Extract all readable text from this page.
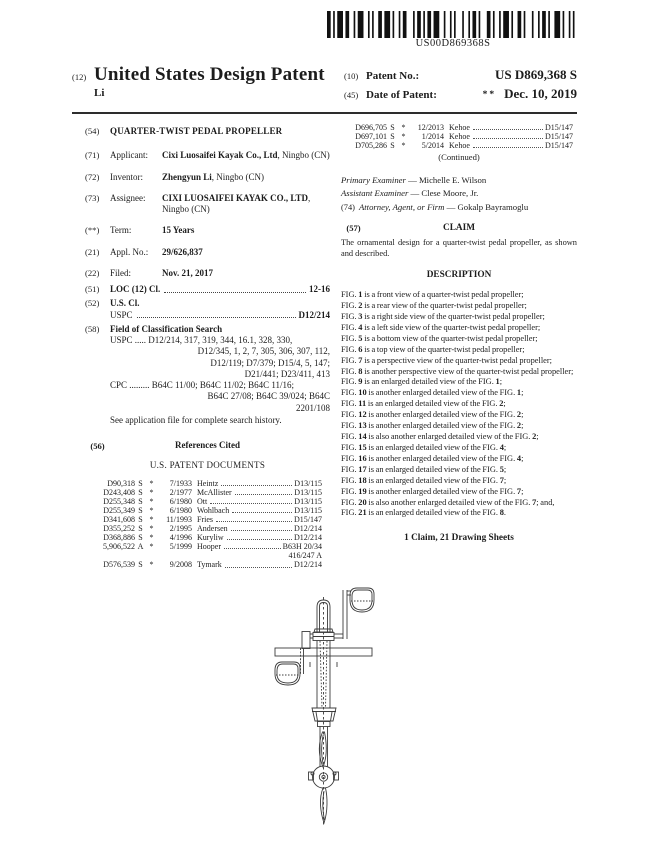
US00D869368S
(12) United States Design Patent
Li
(10) Patent No.:	US D869,368 S
(45) Date of Patent:	** Dec. 10, 2019
(54)	QUARTER-TWIST PEDAL PROPELLER
(71)	Applicant:	Cixi Luosaifei Kayak Co., Ltd, Ningbo (CN)
(72)	Inventor:	Zhengyun Li, Ningbo (CN)
(73)	Assignee:	CIXI LUOSAIFEI KAYAK CO., LTD, Ningbo (CN)
(**)	Term:	15 Years
(21)	Appl. No.:	29/626,837
(22)	Filed:	Nov. 21, 2017
(51)	LOC (12) Cl.	12-16
(52)	U.S. Cl.
USPC	D12/214
(58)	Field of Classification Search
USPC ..... D12/214, 317, 319, 344, 16.1, 328, 330,
D12/345, 1, 2, 7, 305, 306, 307, 112,
D12/119; D7/379; D15/4, 5, 147;
D21/441; D23/411, 413
CPC ......... B64C 11/00; B64C 11/02; B64C 11/16;
B64C 27/08; B64C 39/024; B64C
2201/108
See application file for complete search history.
(56)	References Cited
U.S. PATENT DOCUMENTS
D90,318 S *	7/1933 Heintz	D13/115
D243,408 S *	2/1977 McAllister	D13/115
D255,348 S *	6/1980 Ott	D13/115
D255,349 S *	6/1980 Wohlbach	D13/115
D341,608 S *	11/1993 Fries	D15/147
D355,252 S *	2/1995 Andersen	D12/214
D368,886 S *	4/1996 Kuryliw	D12/214
5,906,522 A *	5/1999 Hooper	B63H 20/34
416/247 A
D576,539 S *	9/2008 Tymark	D12/214
D696,705 S *	12/2013 Kehoe	D15/147
D697,101 S *	1/2014 Kehoe	D15/147
D705,286 S *	5/2014 Kehoe	D15/147
(Continued)
Primary Examiner — Michelle E. Wilson
Assistant Examiner — Clese Moore, Jr.
(74) Attorney, Agent, or Firm — Gokalp Bayramoglu
(57)	CLAIM
The ornamental design for a quarter-twist pedal propeller, as shown and described.
DESCRIPTION
FIG. 1 is a front view of a quarter-twist pedal propeller;
FIG. 2 is a rear view of the quarter-twist pedal propeller;
FIG. 3 is a right side view of the quarter-twist pedal propeller;
FIG. 4 is a left side view of the quarter-twist pedal propeller;
FIG. 5 is a bottom view of the quarter-twist pedal propeller;
FIG. 6 is a top view of the quarter-twist pedal propeller;
FIG. 7 is a perspective view of the quarter-twist pedal propeller;
FIG. 8 is another perspective view of the quarter-twist pedal propeller;
FIG. 9 is an enlarged detailed view of the FIG. 1;
FIG. 10 is another enlarged detailed view of the FIG. 1;
FIG. 11 is an enlarged detailed view of the FIG. 2;
FIG. 12 is another enlarged detailed view of the FIG. 2;
FIG. 13 is another enlarged detailed view of the FIG. 2;
FIG. 14 is also another enlarged detailed view of the FIG. 2;
FIG. 15 is an enlarged detailed view of the FIG. 4;
FIG. 16 is another enlarged detailed view of the FIG. 4;
FIG. 17 is an enlarged detailed view of the FIG. 5;
FIG. 18 is an enlarged detailed view of the FIG. 7;
FIG. 19 is another enlarged detailed view of the FIG. 7;
FIG. 20 is also another enlarged detailed view of the FIG. 7; and,
FIG. 21 is an enlarged detailed view of the FIG. 8.
1 Claim, 21 Drawing Sheets
